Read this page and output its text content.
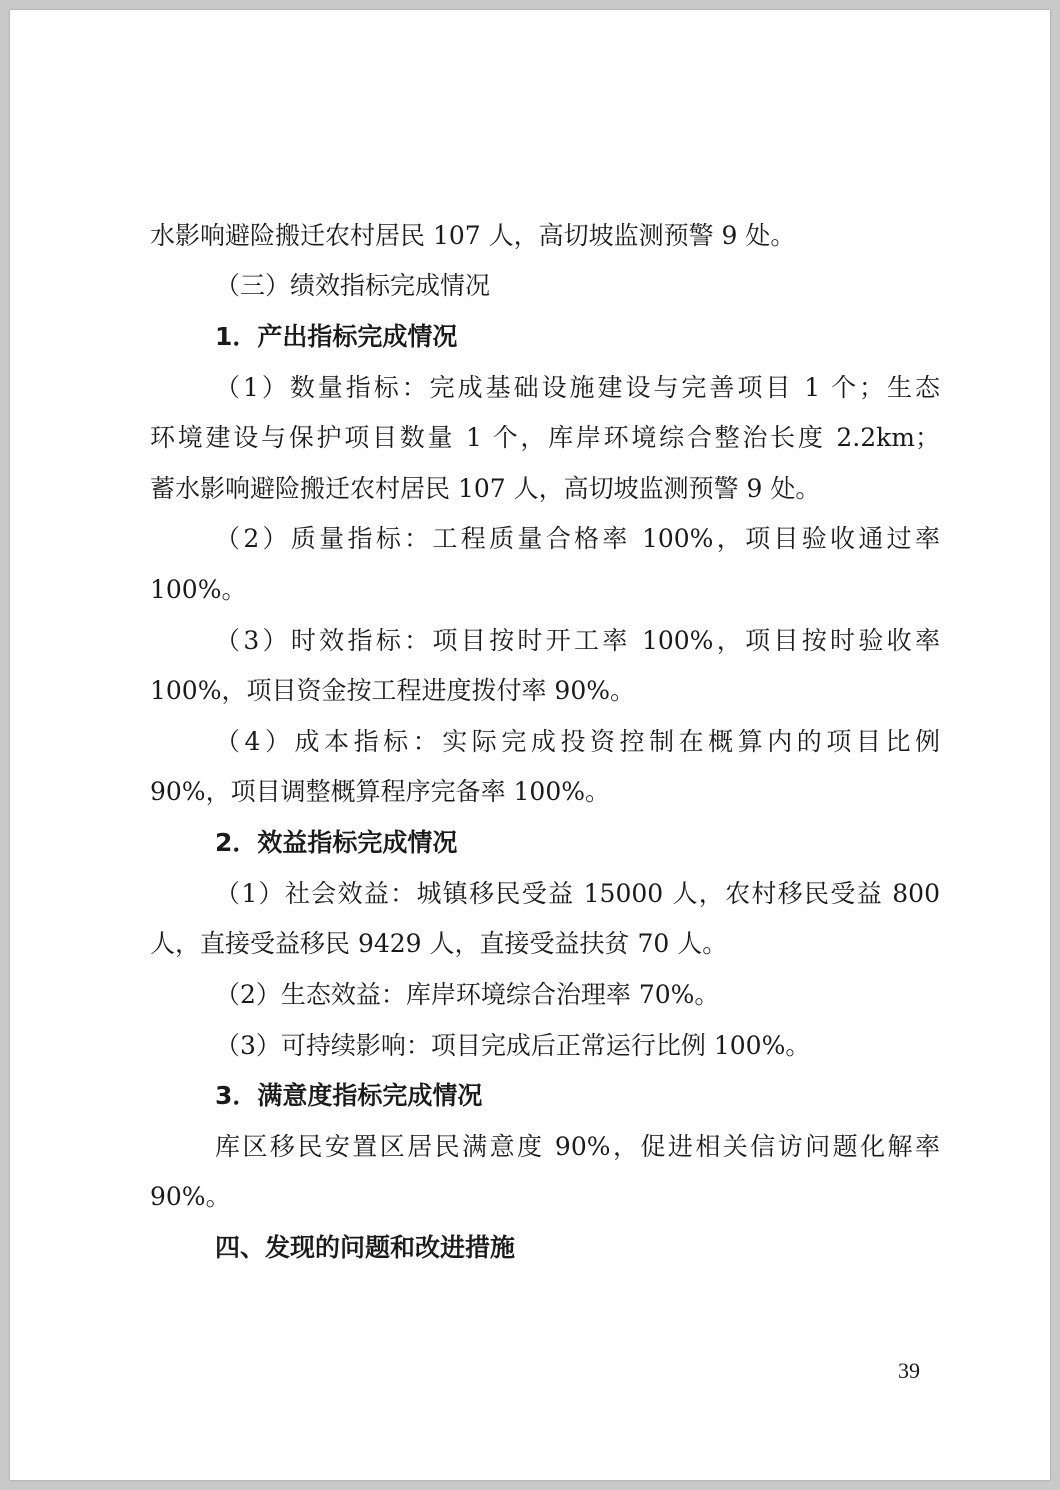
水影响避险搬迁农村居民 107 人，高切坡监测预警 9 处。
（三）绩效指标完成情况
1．产出指标完成情况
（1）数量指标：完成基础设施建设与完善项目 1 个；生态
环境建设与保护项目数量 1 个，库岸环境综合整治长度 2.2km；
蓄水影响避险搬迁农村居民 107 人，高切坡监测预警 9 处。
（2）质量指标：工程质量合格率 100%，项目验收通过率
100%。
（3）时效指标：项目按时开工率 100%，项目按时验收率
100%，项目资金按工程进度拨付率 90%。
（4）成本指标：实际完成投资控制在概算内的项目比例
90%，项目调整概算程序完备率 100%。
2．效益指标完成情况
（1）社会效益：城镇移民受益 15000 人，农村移民受益 800
人，直接受益移民 9429 人，直接受益扶贫 70 人。
（2）生态效益：库岸环境综合治理率 70%。
（3）可持续影响：项目完成后正常运行比例 100%。
3．满意度指标完成情况
库区移民安置区居民满意度 90%，促进相关信访问题化解率
90%。
四、发现的问题和改进措施
39
